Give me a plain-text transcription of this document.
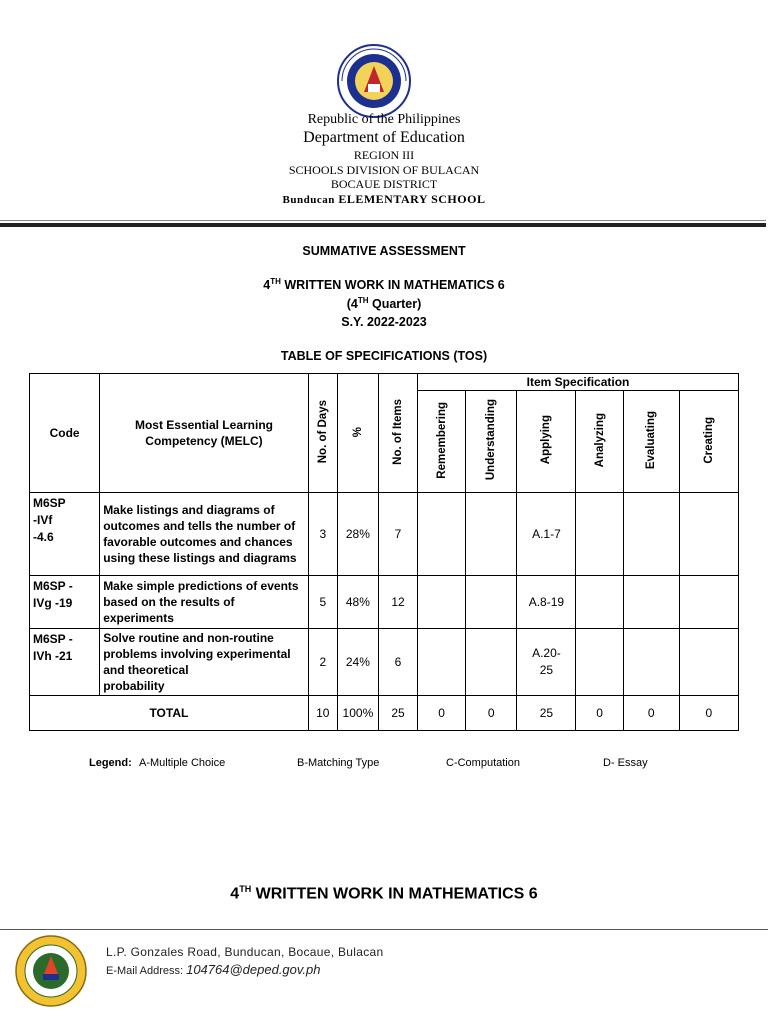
Republic of the Philippines
Department of Education
REGION III
SCHOOLS DIVISION OF BULACAN
BOCAUE DISTRICT
Bunducan ELEMENTARY SCHOOL
SUMMATIVE ASSESSMENT
4TH WRITTEN WORK IN MATHEMATICS 6
(4TH Quarter)
S.Y. 2022-2023
TABLE OF SPECIFICATIONS (TOS)
Code	Most Essential Learning Competency (MELC)	No. of Days	%	No. of Items	Item Specification					
					Remembering	Understanding	Applying	Analyzing	Evaluating	Creating
M6SP
-IVf
-4.6	Make listings and diagrams of outcomes and tells the number of favorable outcomes and chances using these listings and diagrams	3	28%	7			A.1-7			
M6SP -
IVg -19	Make simple predictions of events based on the results of experiments	5	48%	12			A.8-19			
M6SP -
IVh -21	Solve routine and non-routine problems involving experimental and theoretical
probability	2	24%	6			A.20-
25			
TOTAL		10	100%	25	0	0	25	0	0	0
Legend: A-Multiple Choice	B-Matching Type	C-Computation	D- Essay
4TH WRITTEN WORK IN MATHEMATICS 6
L.P. Gonzales Road, Bunducan, Bocaue, Bulacan
E-Mail Address: 104764@deped.gov.ph
